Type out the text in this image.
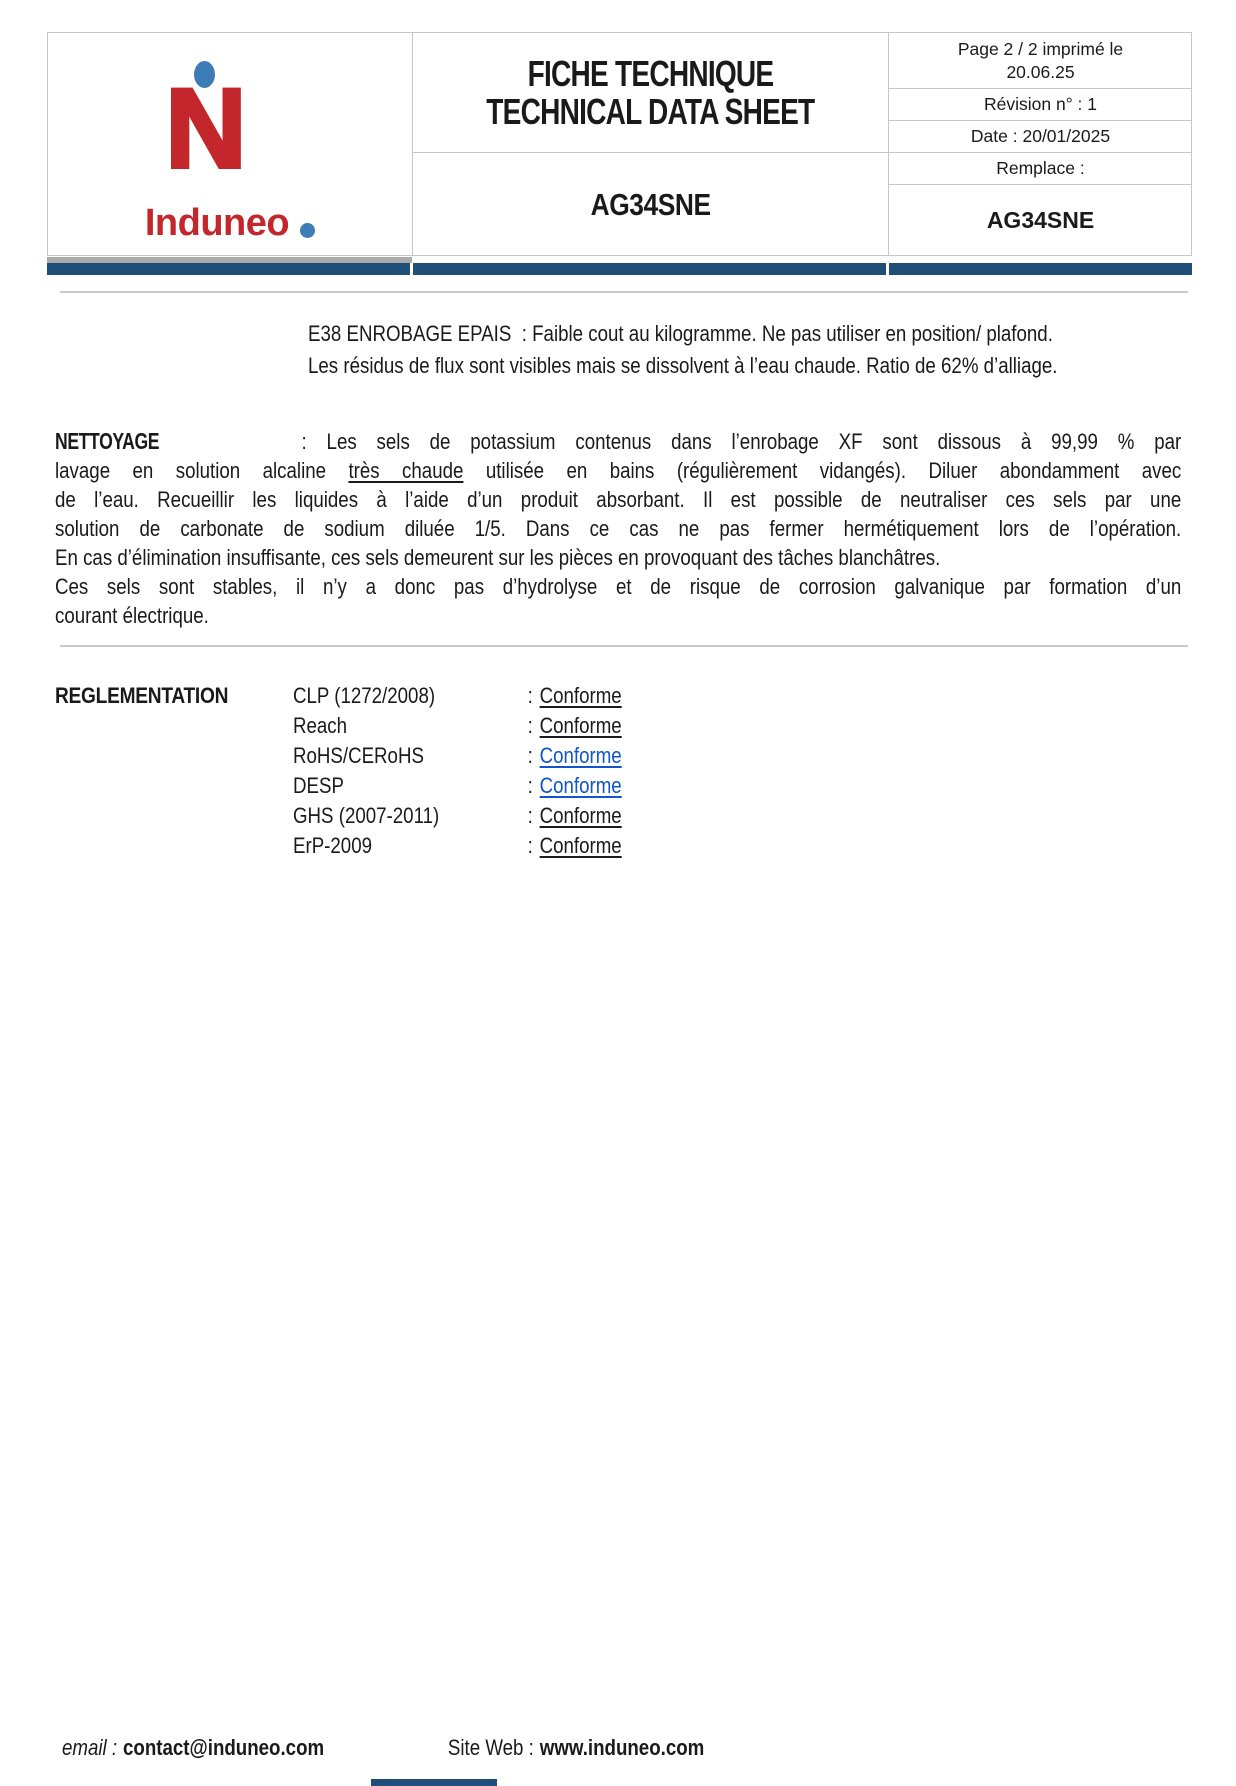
N
Induneo
FICHE TECHNIQUE
TECHNICAL DATA SHEET
AG34SNE
Page 2 / 2 imprimé le
20.06.25
Révision n° : 1
Date : 20/01/2025
Remplace :
AG34SNE
E38 ENROBAGE EPAIS  : Faible cout au kilogramme. Ne pas utiliser en position/ plafond.
Les résidus de flux sont visibles mais se dissolvent à l’eau chaude. Ratio de 62% d’alliage.
NETTOYAGE	: Les sels de potassium contenus dans l’enrobage XF sont dissous à 99,99 % par
lavage en solution alcaline très chaude utilisée en bains (régulièrement vidangés). Diluer abondamment avec
de l’eau. Recueillir les liquides à l’aide d’un produit absorbant. Il est possible de neutraliser ces sels par une
solution de carbonate de sodium diluée 1/5. Dans ce cas ne pas fermer hermétiquement lors de l’opération.
En cas d’élimination insuffisante, ces sels demeurent sur les pièces en provoquant des tâches blanchâtres.
Ces sels sont stables, il n’y a donc pas d’hydrolyse et de risque de corrosion galvanique par formation d’un
courant électrique.
REGLEMENTATION	CLP (1272/2008)	: Conforme
Reach	: Conforme
RoHS/CERoHS	: Conforme
DESP	: Conforme
GHS (2007-2011)	: Conforme
ErP-2009	: Conforme
email : contact@induneo.com	Site Web : www.induneo.com
